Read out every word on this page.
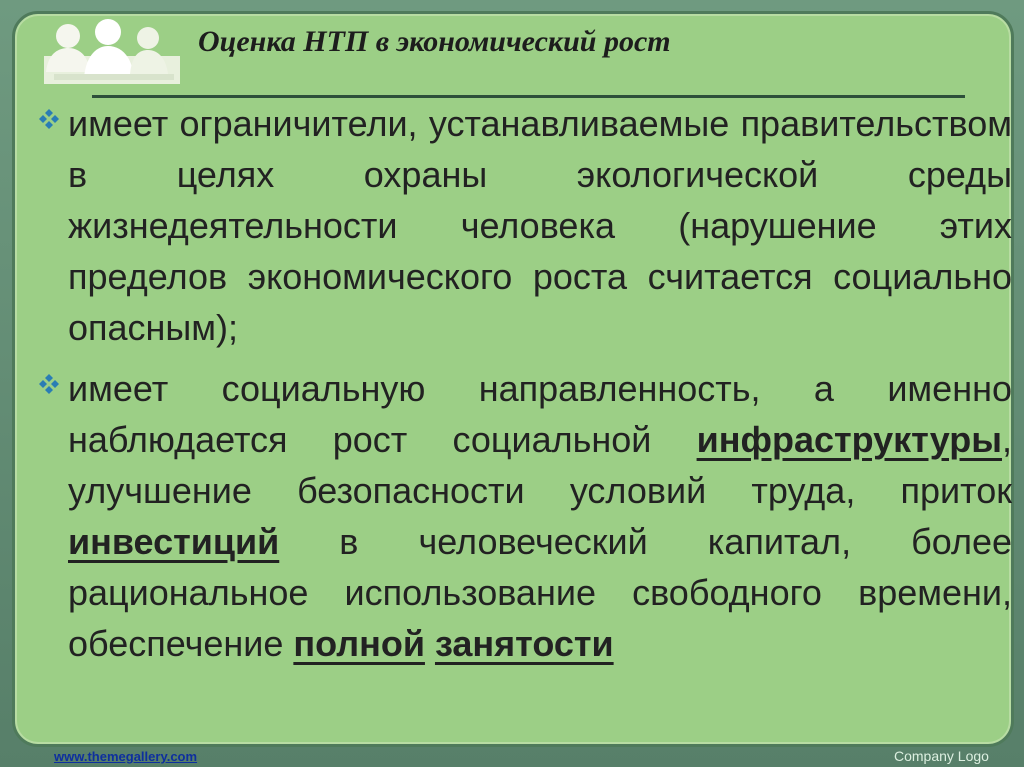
Оценка НТП в экономический рост
имеет ограничители, устанавливаемые правительством в целях охраны экологической среды жизнедеятельности человека (нарушение этих пределов экономического роста считается социально опасным);
имеет социальную направленность, а именно наблюдается рост социальной инфраструктуры, улучшение безопасности условий труда, приток инвестиций в человеческий капитал, более рациональное использование свободного времени, обеспечение полной занятости
www.themegallery.com	Company Logo
